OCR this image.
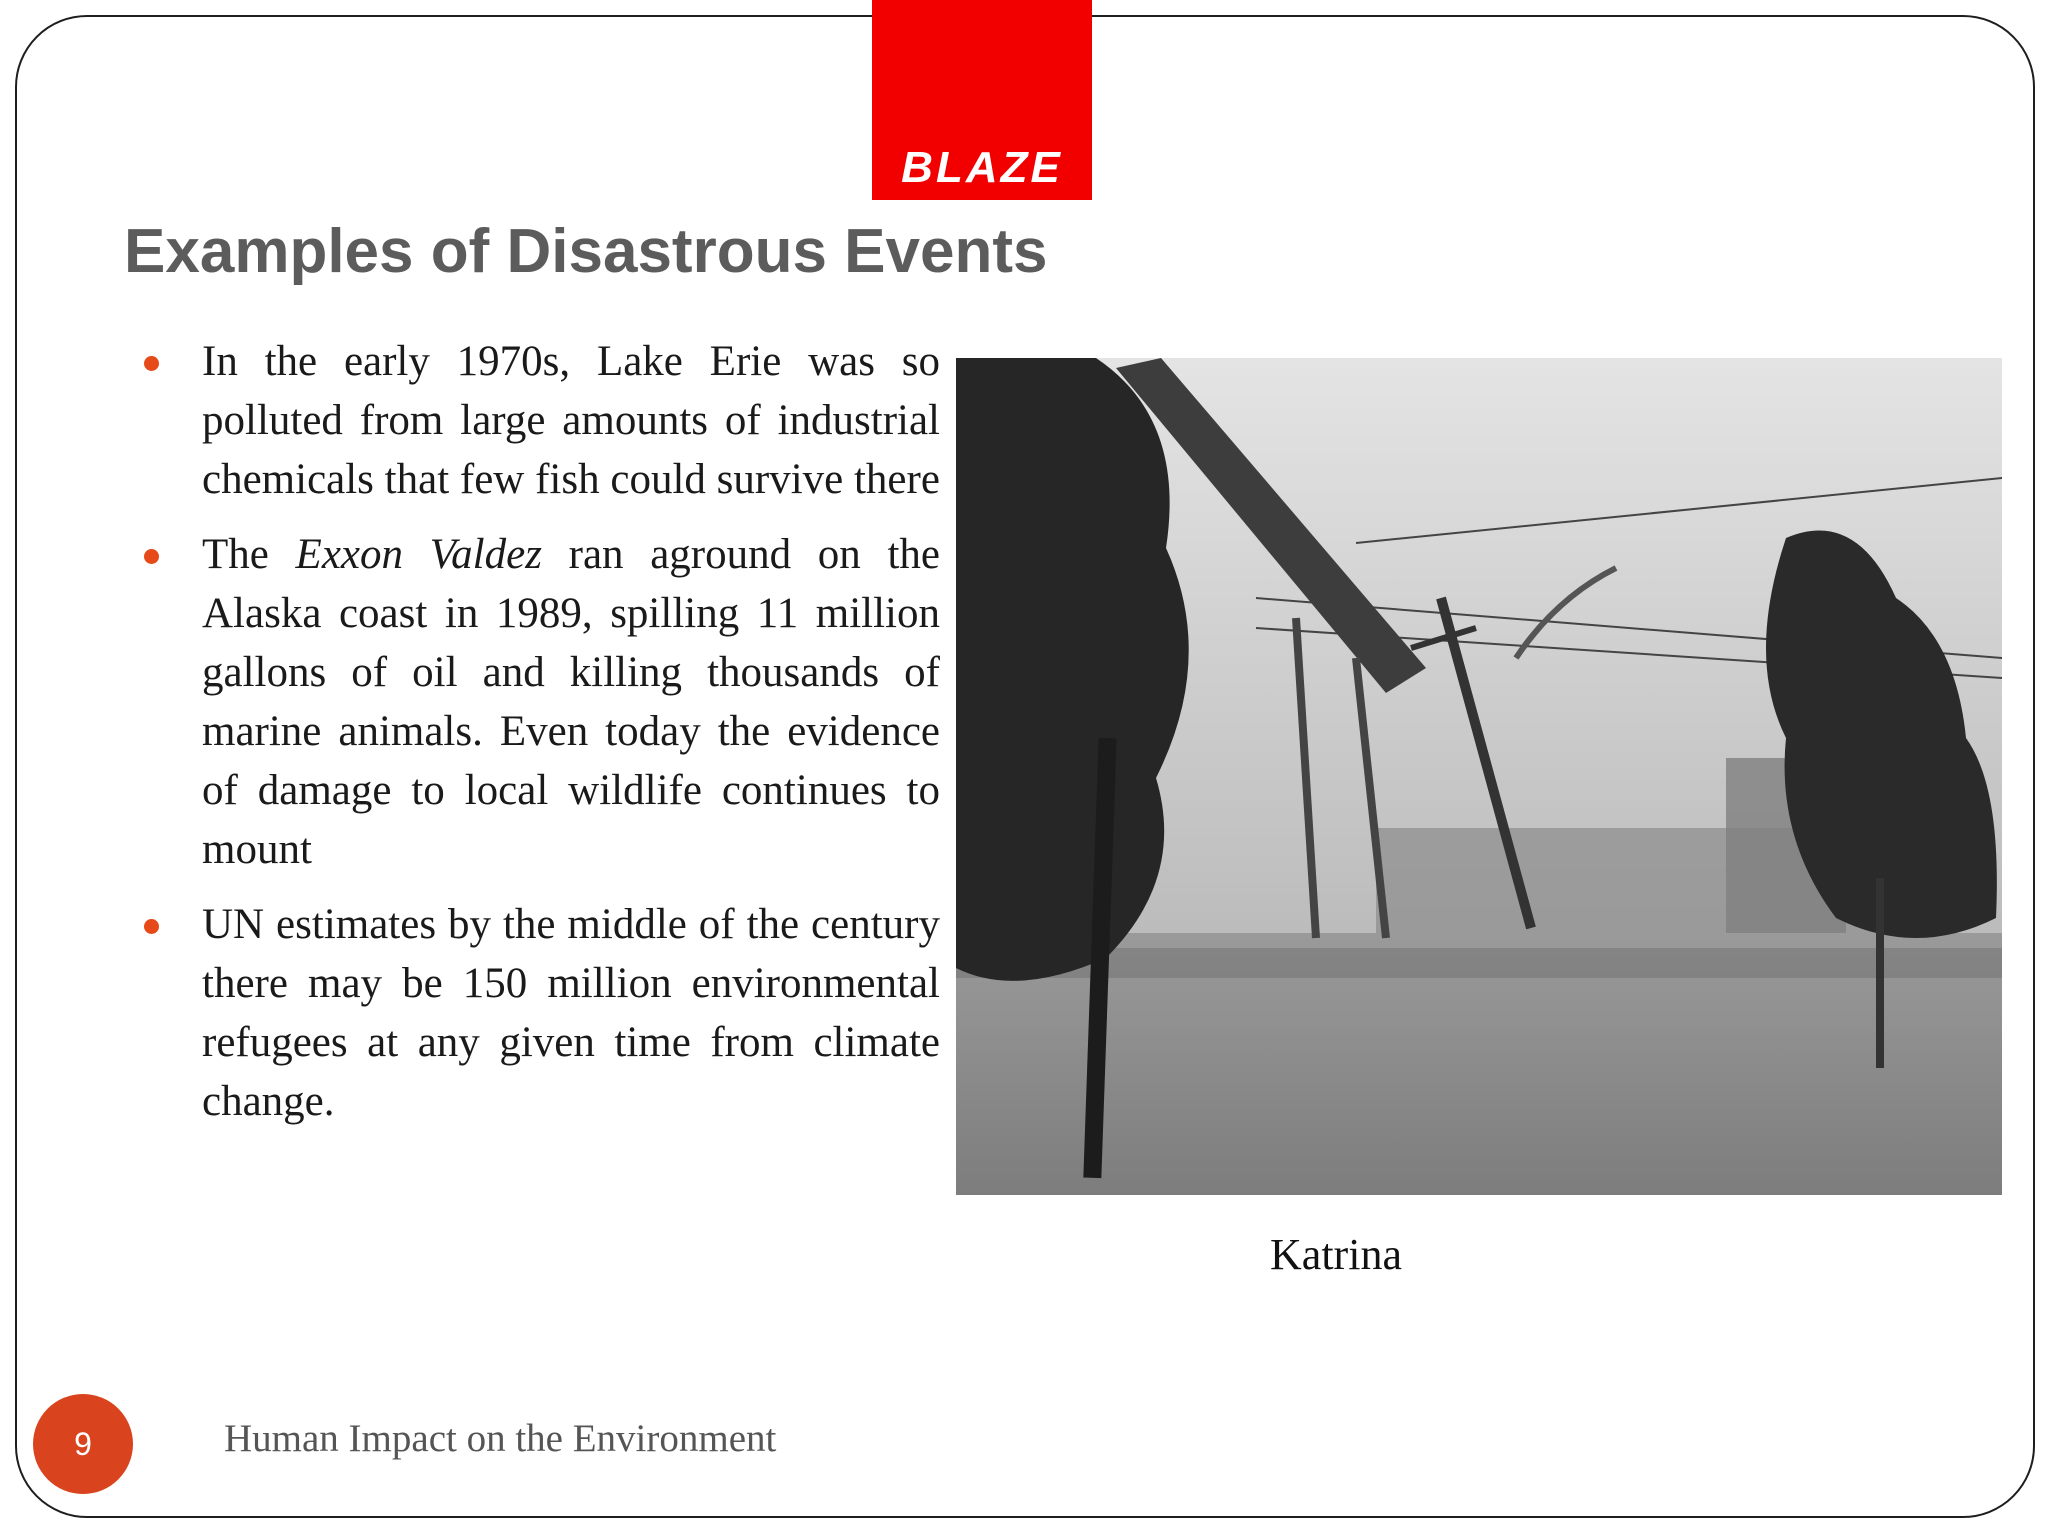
BLAZE
Examples of Disastrous Events
In the early 1970s, Lake Erie was so polluted from large amounts of industrial chemicals that few fish could survive there
The Exxon Valdez ran aground on the Alaska coast in 1989, spilling 11 million gallons of oil and killing thousands of marine animals. Even today the evidence of damage to local wildlife continues to mount
UN estimates by the middle of the century there may be 150 million environmental refugees at any given time from climate change.
Katrina
9	Human Impact on the Environment
